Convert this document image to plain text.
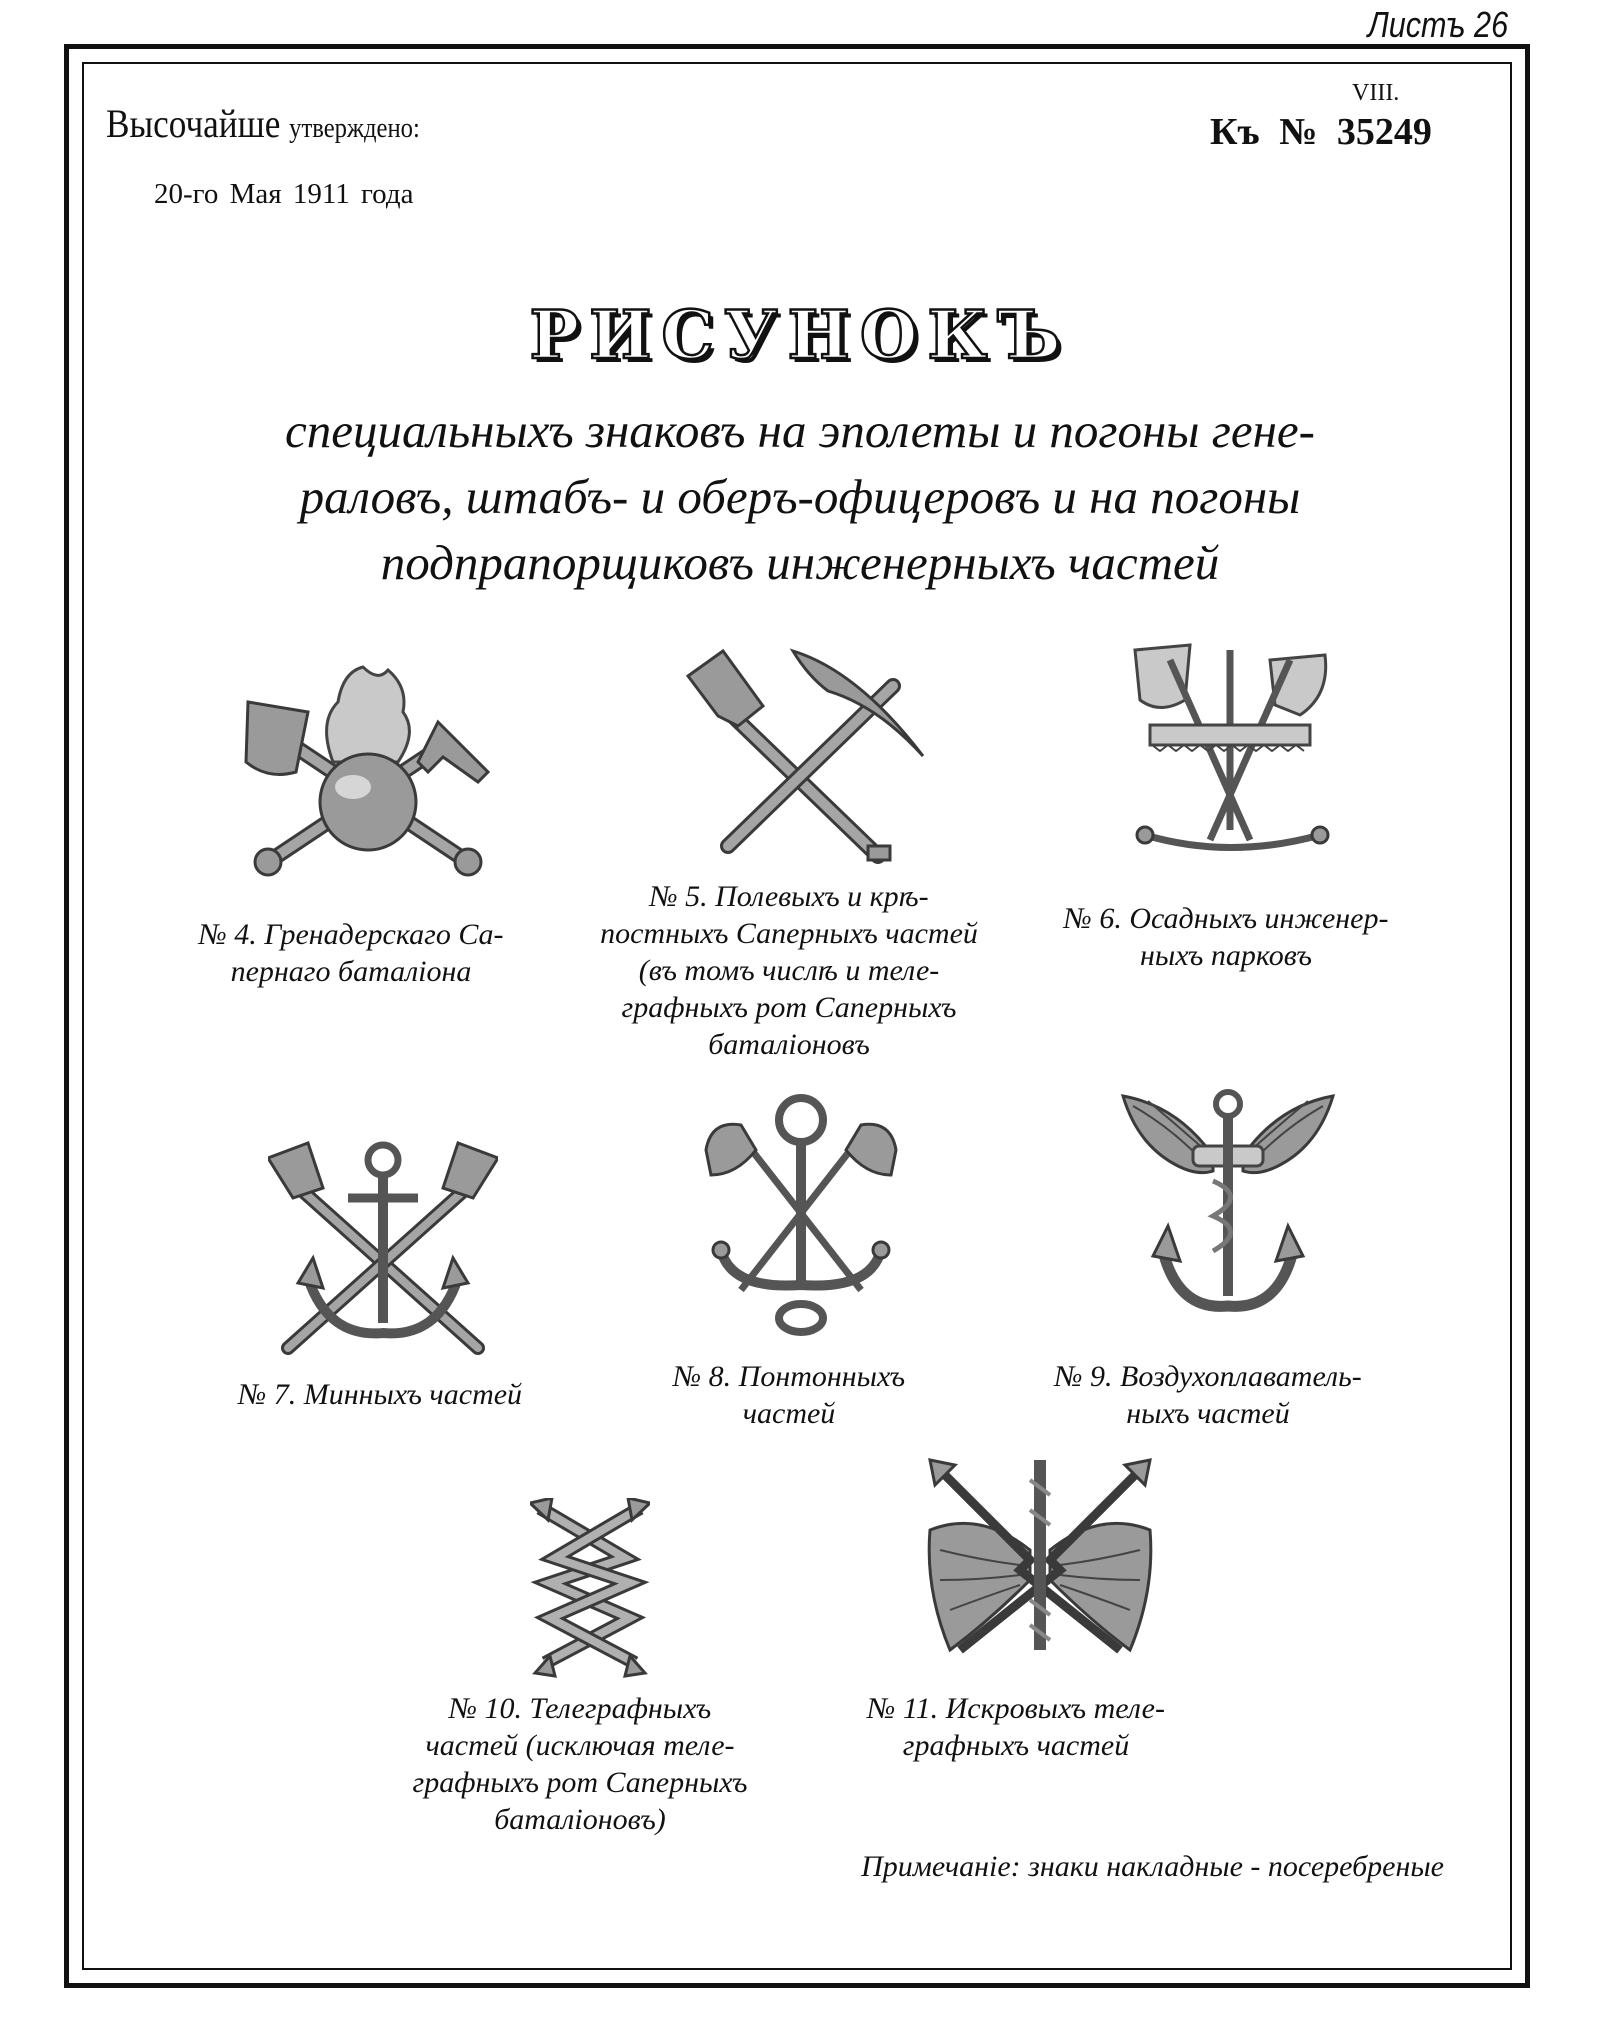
Листъ 26
Высочайше утверждено:
20-го Мая 1911 года
VIII.
Къ № 35249
РИСУНОКЪ
специальныхъ знаковъ на эполеты и погоны гене-
раловъ, штабъ- и оберъ-офицеровъ и на погоны
подпрапорщиковъ инженерныхъ частей
№ 4. Гренадерскаго Са-
пернаго баталіона
№ 5. Полевыхъ и крѣ-
постныхъ Саперныхъ частей
(въ томъ числѣ и теле-
графныхъ рот Саперныхъ
баталіоновъ
№ 6. Осадныхъ инженер-
ныхъ парковъ
№ 7. Минныхъ частей
№ 8. Понтонныхъ
частей
№ 9. Воздухоплаватель-
ныхъ частей
№ 10. Телеграфныхъ
частей (исключая теле-
графныхъ рот Саперныхъ
баталіоновъ)
№ 11. Искровыхъ теле-
графныхъ частей
Примечаніе: знаки накладные - посеребреные
